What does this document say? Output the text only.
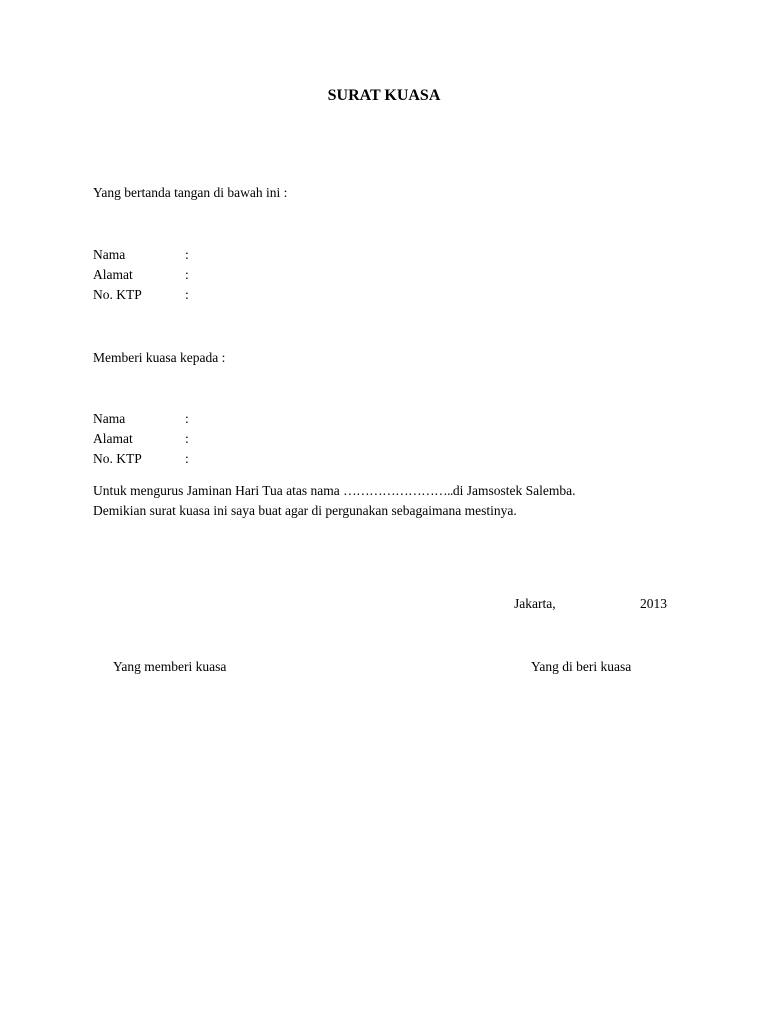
SURAT KUASA
Yang bertanda tangan di bawah ini :
Nama	:
Alamat	:
No. KTP	:
Memberi kuasa kepada :
Nama	:
Alamat	:
No. KTP	:
Untuk mengurus Jaminan Hari Tua atas nama ……………………..di Jamsostek Salemba.
Demikian surat kuasa ini saya buat agar di pergunakan sebagaimana mestinya.
Jakarta,	2013
Yang memberi kuasa	Yang di beri kuasa
